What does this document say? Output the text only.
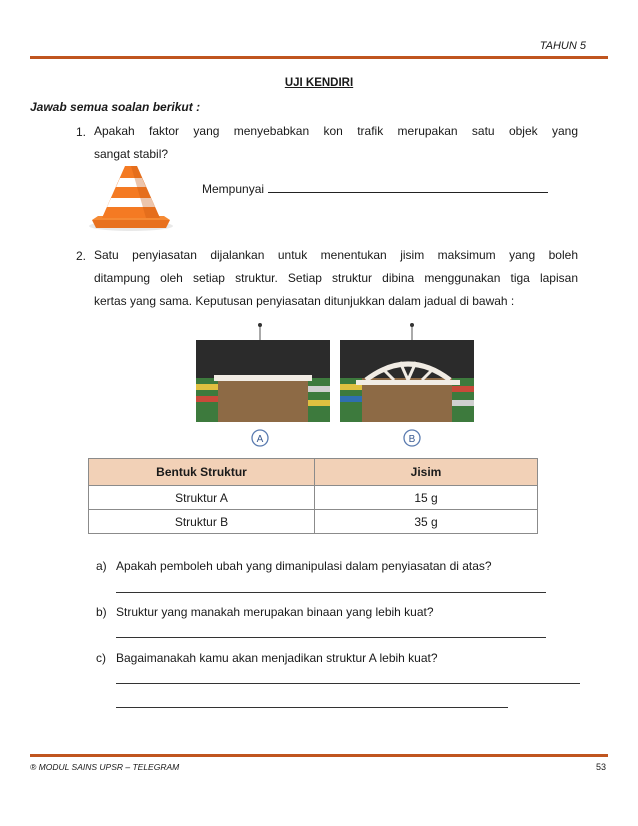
TAHUN 5
UJI KENDIRI
Jawab semua soalan berikut :
1. Apakah faktor yang menyebabkan kon trafik merupakan satu objek yang
sangat stabil?
Mempunyai
2. Satu penyiasatan dijalankan untuk menentukan jisim maksimum yang boleh
ditampung oleh setiap struktur. Setiap struktur dibina menggunakan tiga lapisan
kertas yang sama. Keputusan penyiasatan ditunjukkan dalam jadual di bawah :
A	B
Bentuk Struktur	Jisim
Struktur A	15 g
Struktur B	35 g
a) Apakah pemboleh ubah yang dimanipulasi dalam penyiasatan di atas?
b) Struktur yang manakah merupakan binaan yang lebih kuat?
c) Bagaimanakah kamu akan menjadikan struktur A lebih kuat?
® MODUL SAINS UPSR – TELEGRAM	53
